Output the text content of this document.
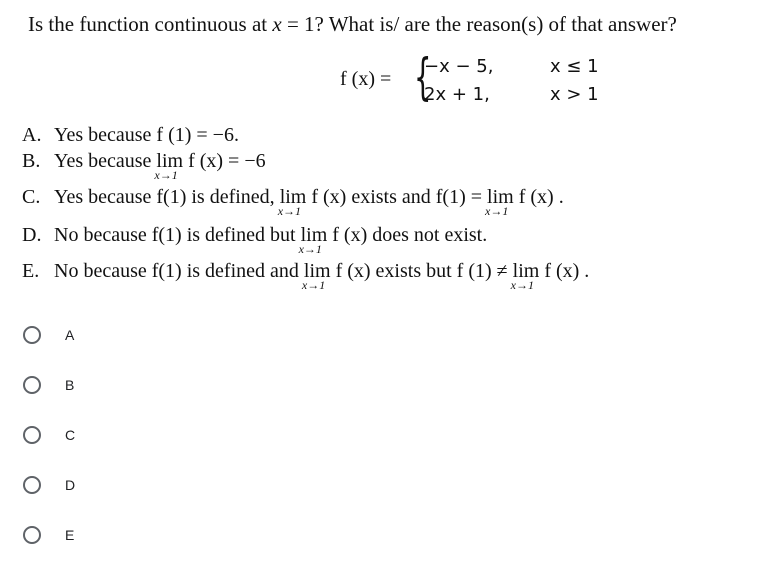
Is the function continuous at x = 1? What is/ are the reason(s) of that answer?
f (x) = {
−x − 5,	x ≤ 1
2x + 1,	x > 1
A. Yes because f (1) = −6.
B. Yes because lim
x→1
f (x) = −6
C. Yes because f(1) is defined, lim
x→1
f (x) exists and f(1) = lim
x→1
f (x) .
D. No because f(1) is defined but lim
x→1
f (x) does not exist.
E. No because f(1) is defined and lim
x→1
f (x) exists but f (1) ≠ lim
x→1
f (x) .
A
B
C
D
E
